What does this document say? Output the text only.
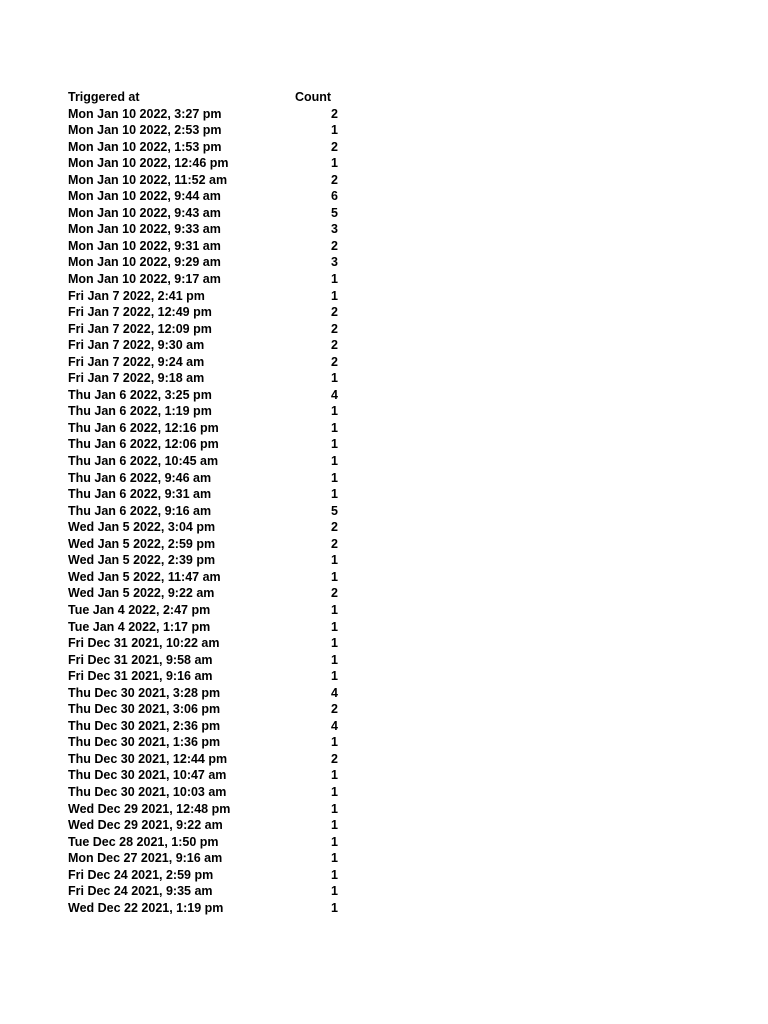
Triggered at	Count
Mon Jan 10 2022, 3:27 pm	2
Mon Jan 10 2022, 2:53 pm	1
Mon Jan 10 2022, 1:53 pm	2
Mon Jan 10 2022, 12:46 pm	1
Mon Jan 10 2022, 11:52 am	2
Mon Jan 10 2022, 9:44 am	6
Mon Jan 10 2022, 9:43 am	5
Mon Jan 10 2022, 9:33 am	3
Mon Jan 10 2022, 9:31 am	2
Mon Jan 10 2022, 9:29 am	3
Mon Jan 10 2022, 9:17 am	1
Fri Jan 7 2022, 2:41 pm	1
Fri Jan 7 2022, 12:49 pm	2
Fri Jan 7 2022, 12:09 pm	2
Fri Jan 7 2022, 9:30 am	2
Fri Jan 7 2022, 9:24 am	2
Fri Jan 7 2022, 9:18 am	1
Thu Jan 6 2022, 3:25 pm	4
Thu Jan 6 2022, 1:19 pm	1
Thu Jan 6 2022, 12:16 pm	1
Thu Jan 6 2022, 12:06 pm	1
Thu Jan 6 2022, 10:45 am	1
Thu Jan 6 2022, 9:46 am	1
Thu Jan 6 2022, 9:31 am	1
Thu Jan 6 2022, 9:16 am	5
Wed Jan 5 2022, 3:04 pm	2
Wed Jan 5 2022, 2:59 pm	2
Wed Jan 5 2022, 2:39 pm	1
Wed Jan 5 2022, 11:47 am	1
Wed Jan 5 2022, 9:22 am	2
Tue Jan 4 2022, 2:47 pm	1
Tue Jan 4 2022, 1:17 pm	1
Fri Dec 31 2021, 10:22 am	1
Fri Dec 31 2021, 9:58 am	1
Fri Dec 31 2021, 9:16 am	1
Thu Dec 30 2021, 3:28 pm	4
Thu Dec 30 2021, 3:06 pm	2
Thu Dec 30 2021, 2:36 pm	4
Thu Dec 30 2021, 1:36 pm	1
Thu Dec 30 2021, 12:44 pm	2
Thu Dec 30 2021, 10:47 am	1
Thu Dec 30 2021, 10:03 am	1
Wed Dec 29 2021, 12:48 pm	1
Wed Dec 29 2021, 9:22 am	1
Tue Dec 28 2021, 1:50 pm	1
Mon Dec 27 2021, 9:16 am	1
Fri Dec 24 2021, 2:59 pm	1
Fri Dec 24 2021, 9:35 am	1
Wed Dec 22 2021, 1:19 pm	1
